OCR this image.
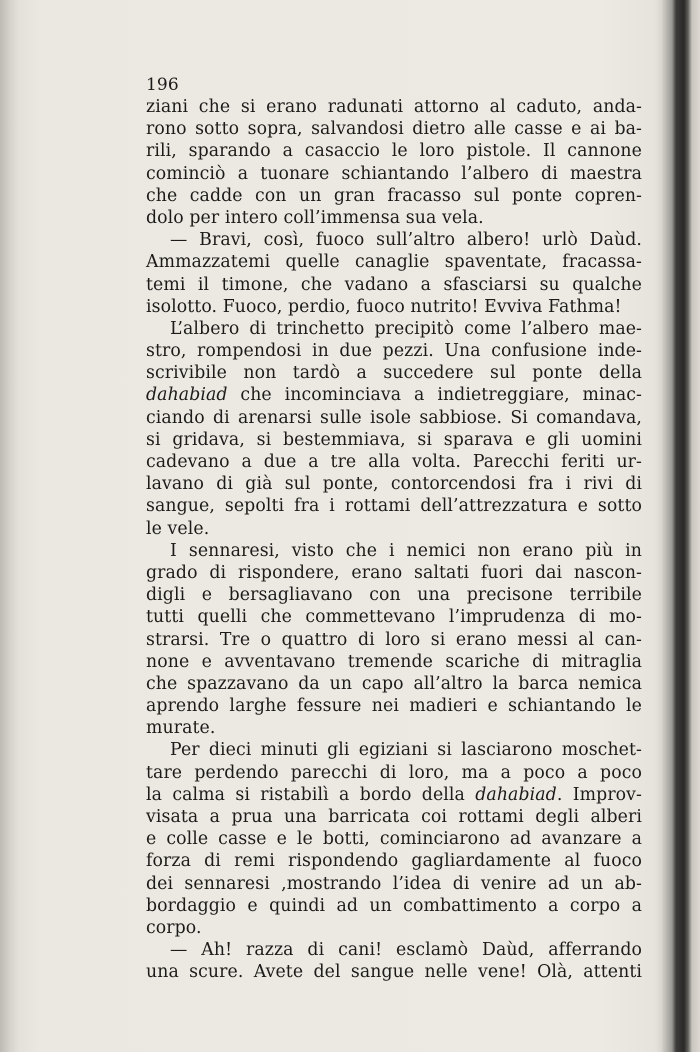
196
ziani che si erano radunati attorno al caduto, anda-
rono sotto sopra, salvandosi dietro alle casse e ai ba-
rili, sparando a casaccio le loro pistole. Il cannone
cominciò a tuonare schiantando l’albero di maestra
che cadde con un gran fracasso sul ponte copren-
dolo per intero coll’immensa sua vela.
— Bravi, così, fuoco sull’altro albero! urlò Daùd.
Ammazzatemi quelle canaglie spaventate, fracassa-
temi il timone, che vadano a sfasciarsi su qualche
isolotto. Fuoco, perdio, fuoco nutrito! Evviva Fathma!
L’albero di trinchetto precipitò come l’albero mae-
stro, rompendosi in due pezzi. Una confusione inde-
scrivibile non tardò a succedere sul ponte della
dahabiad che incominciava a indietreggiare, minac-
ciando di arenarsi sulle isole sabbiose. Si comandava,
si gridava, si bestemmiava, si sparava e gli uomini
cadevano a due a tre alla volta. Parecchi feriti ur-
lavano di già sul ponte, contorcendosi fra i rivi di
sangue, sepolti fra i rottami dell’attrezzatura e sotto
le vele.
I sennaresi, visto che i nemici non erano più in
grado di rispondere, erano saltati fuori dai nascon-
digli e bersagliavano con una precisone terribile
tutti quelli che commettevano l’imprudenza di mo-
strarsi. Tre o quattro di loro si erano messi al can-
none e avventavano tremende scariche di mitraglia
che spazzavano da un capo all’altro la barca nemica
aprendo larghe fessure nei madieri e schiantando le
murate.
Per dieci minuti gli egiziani si lasciarono moschet-
tare perdendo parecchi di loro, ma a poco a poco
la calma si ristabilì a bordo della dahabiad. Improv-
visata a prua una barricata coi rottami degli alberi
e colle casse e le botti, cominciarono ad avanzare a
forza di remi rispondendo gagliardamente al fuoco
dei sennaresi ,mostrando l’idea di venire ad un ab-
bordaggio e quindi ad un combattimento a corpo a
corpo.
— Ah! razza di cani! esclamò Daùd, afferrando
una scure. Avete del sangue nelle vene! Olà, attenti
